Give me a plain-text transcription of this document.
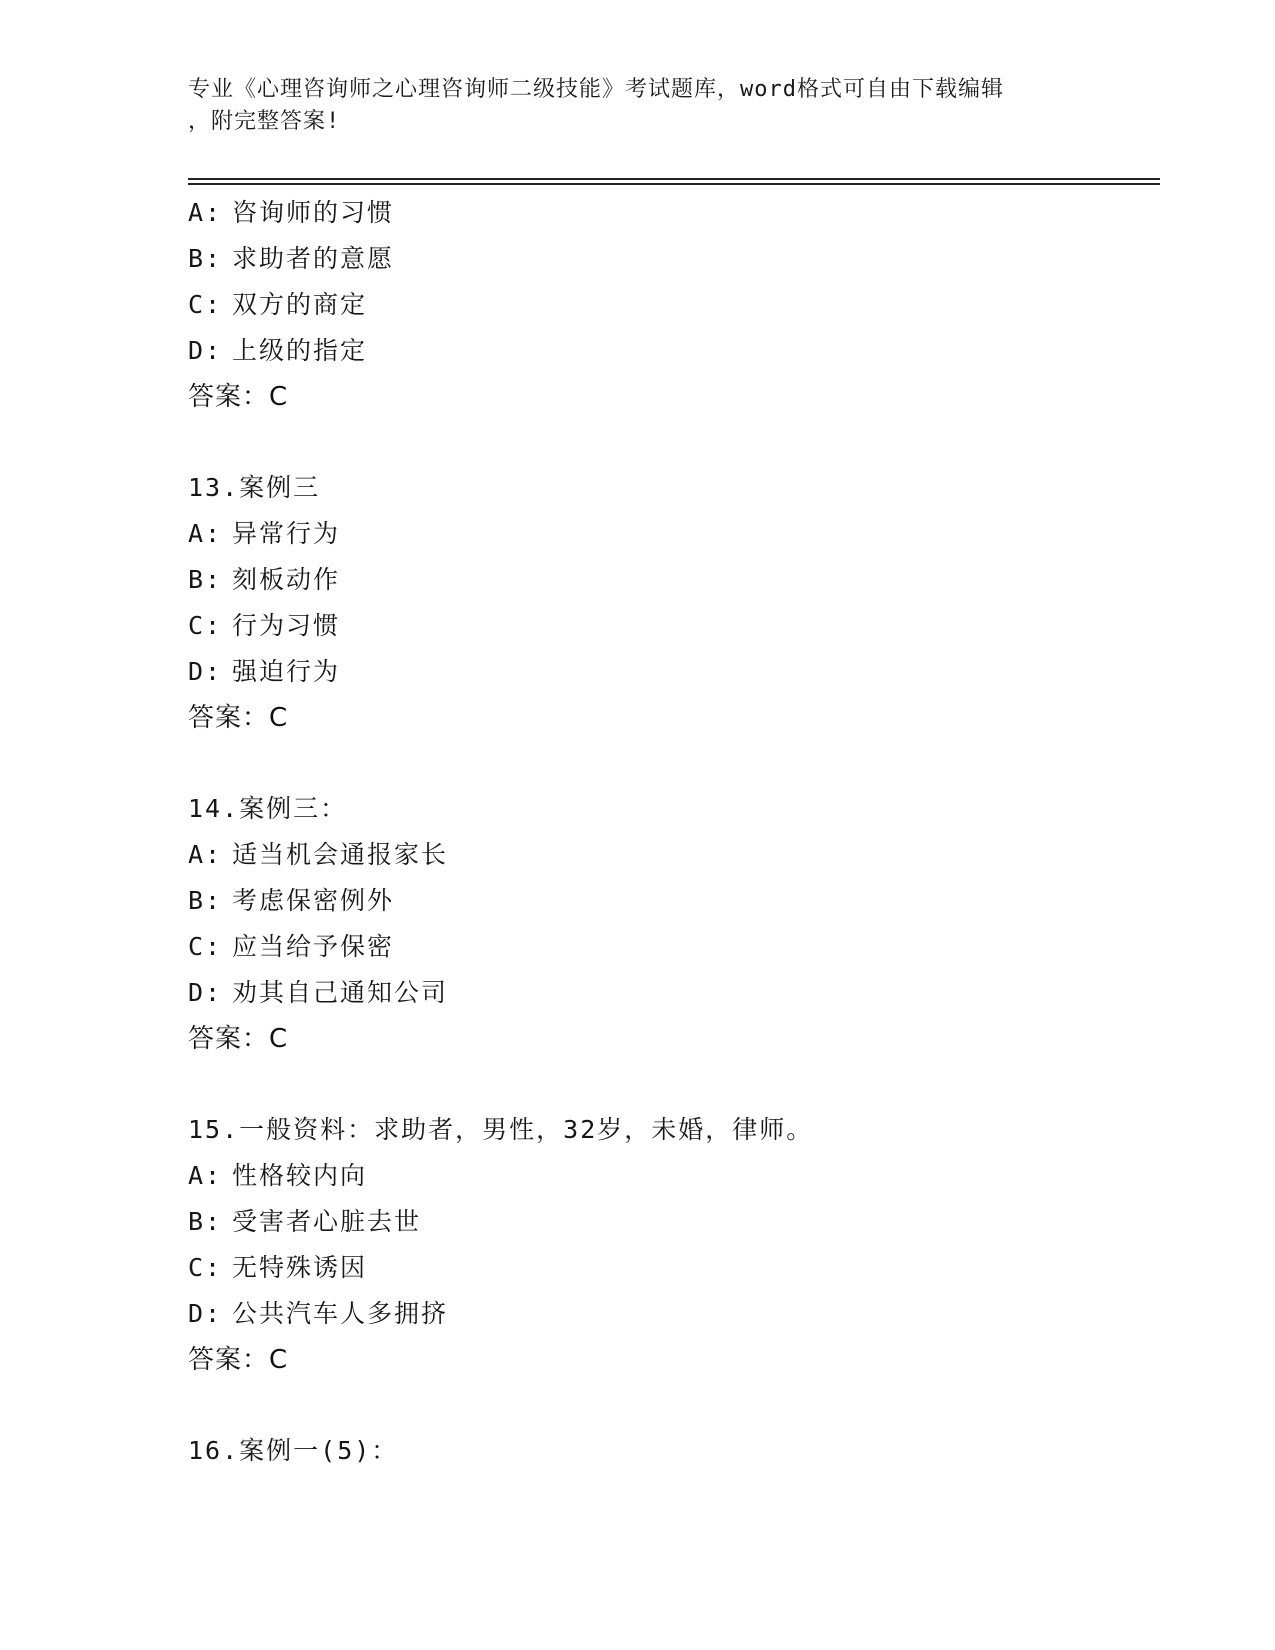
专业《心理咨询师之心理咨询师二级技能》考试题库，word格式可自由下载编辑
，附完整答案!
A: 咨询师的习惯
B: 求助者的意愿
C: 双方的商定
D: 上级的指定
答案：C
13.案例三
A: 异常行为
B: 刻板动作
C: 行为习惯
D: 强迫行为
答案：C
14.案例三：
A: 适当机会通报家长
B: 考虑保密例外
C: 应当给予保密
D: 劝其自己通知公司
答案：C
15.一般资料：求助者，男性，32岁，未婚，律师。
A: 性格较内向
B: 受害者心脏去世
C: 无特殊诱因
D: 公共汽车人多拥挤
答案：C
16.案例一(5)：
